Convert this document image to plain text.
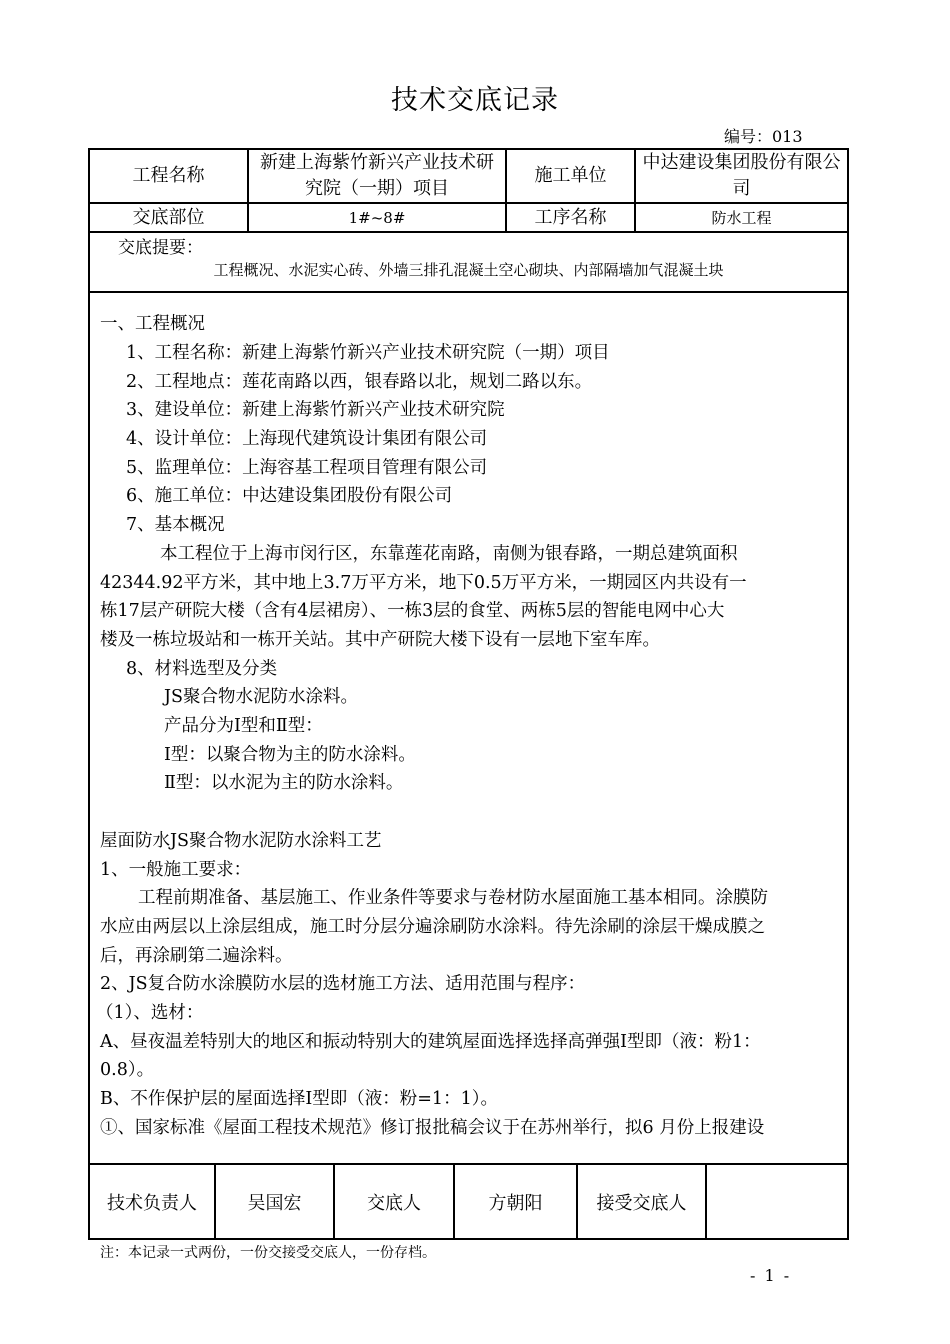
技术交底记录
编号：013
工程名称	新建上海紫竹新兴产业技术研究院（一期）项目	施工单位	中达建设集团股份有限公司
交底部位	1#~8#	工序名称	防水工程
交底提要：
工程概况、水泥实心砖、外墙三排孔混凝土空心砌块、内部隔墙加气混凝土块

一、工程概况

1、工程名称：新建上海紫竹新兴产业技术研究院（一期）项目

2、工程地点：莲花南路以西，银春路以北，规划二路以东。

3、建设单位：新建上海紫竹新兴产业技术研究院

4、设计单位：上海现代建筑设计集团有限公司

5、监理单位：上海容基工程项目管理有限公司

6、施工单位：中达建设集团股份有限公司

7、基本概况

本工程位于上海市闵行区，东靠莲花南路，南侧为银春路，一期总建筑面积

42344.92平方米，其中地上3.7万平方米，地下0.5万平方米，一期园区内共设有一

栋17层产研院大楼（含有4层裙房）、一栋3层的食堂、两栋5层的智能电网中心大

楼及一栋垃圾站和一栋开关站。其中产研院大楼下设有一层地下室车库。

8、材料选型及分类

JS聚合物水泥防水涂料。

产品分为Ⅰ型和Ⅱ型：

Ⅰ型：以聚合物为主的防水涂料。

Ⅱ型：以水泥为主的防水涂料。

屋面防水JS聚合物水泥防水涂料工艺

1、一般施工要求：

工程前期准备、基层施工、作业条件等要求与卷材防水屋面施工基本相同。涂膜防

水应由两层以上涂层组成，施工时分层分遍涂刷防水涂料。待先涂刷的涂层干燥成膜之

后，再涂刷第二遍涂料。

2、JS复合防水涂膜防水层的选材施工方法、适用范围与程序：

（1）、选材：

A、昼夜温差特别大的地区和振动特别大的建筑屋面选择选择高弹强Ⅰ型即（液：粉1：

0.8）。

B、不作保护层的屋面选择Ⅰ型即（液：粉=1：1）。

①、国家标准《屋面工程技术规范》修订报批稿会议于在苏州举行，拟6 月份上报建设

技术负责人	吴国宏	交底人	方朝阳	接受交底人	
注：本记录一式两份，一份交接受交底人，一份存档。
- 1 -
